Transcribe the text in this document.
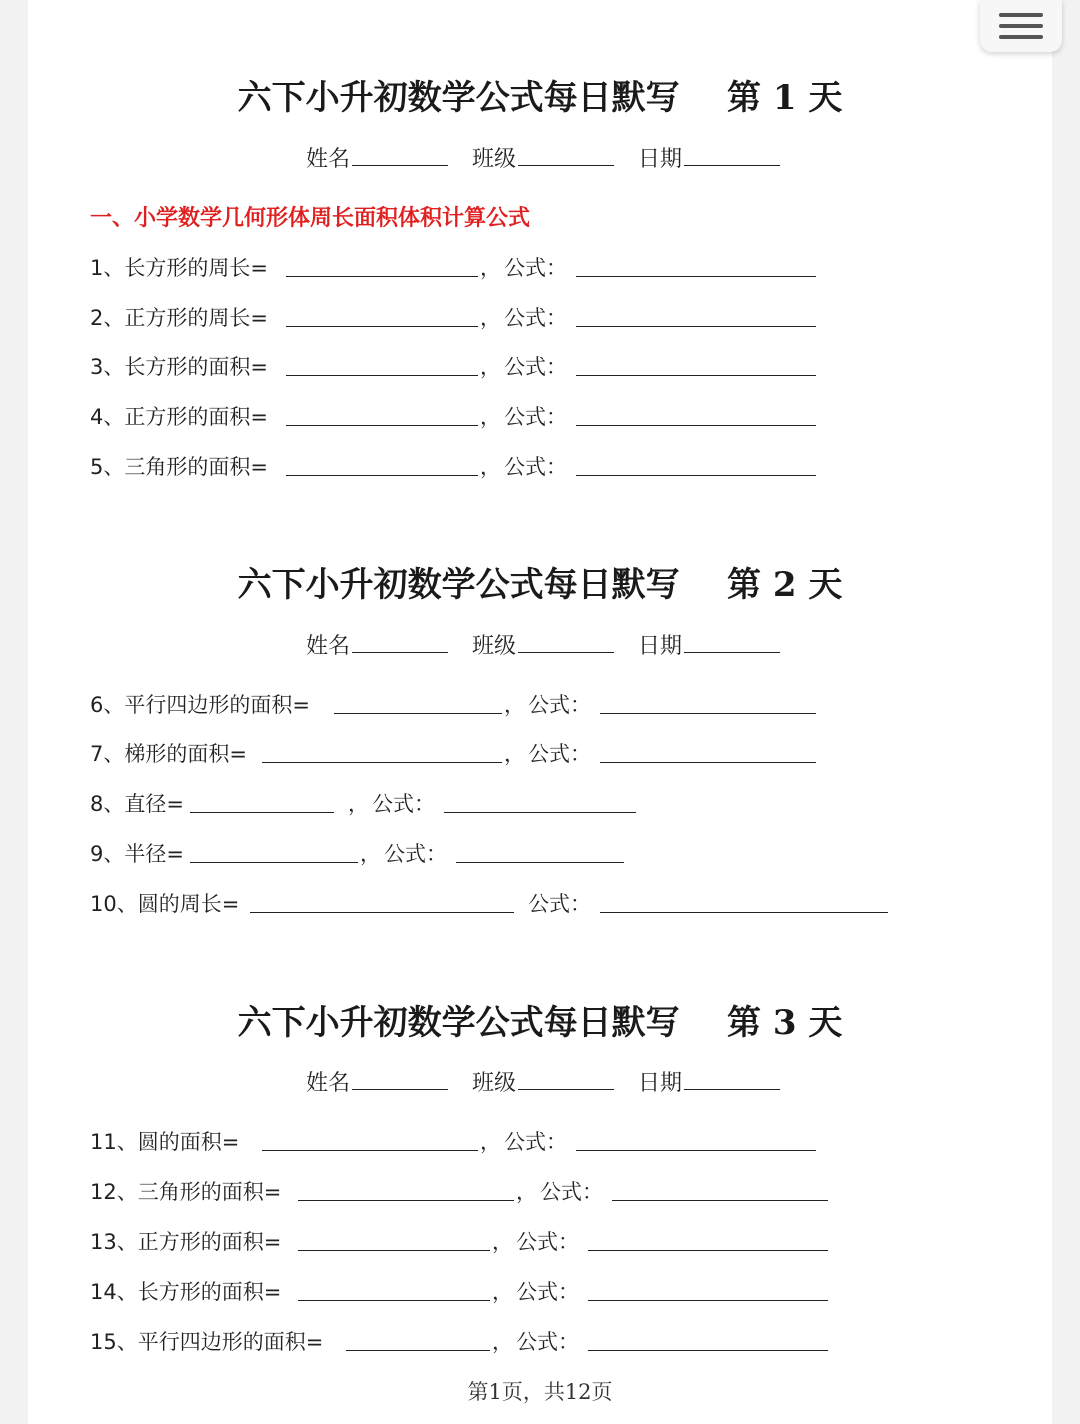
六下小升初数学公式每日默写    第 1 天
姓名	班级	日期
一、小学数学几何形体周长面积体积计算公式
1、长方形的周长=	， 公式：
2、正方形的周长=	， 公式：
3、长方形的面积=	， 公式：
4、正方形的面积=	， 公式：
5、三角形的面积=	， 公式：
六下小升初数学公式每日默写    第 2 天
姓名	班级	日期
6、平行四边形的面积=	， 公式：
7、梯形的面积=	， 公式：
8、直径=	， 公式：
9、半径=	， 公式：
10、圆的周长=	公式：
六下小升初数学公式每日默写    第 3 天
姓名	班级	日期
11、圆的面积=	， 公式：
12、三角形的面积=	， 公式：
13、正方形的面积=	， 公式：
14、长方形的面积=	， 公式：
15、平行四边形的面积=	， 公式：
第1页，共12页
